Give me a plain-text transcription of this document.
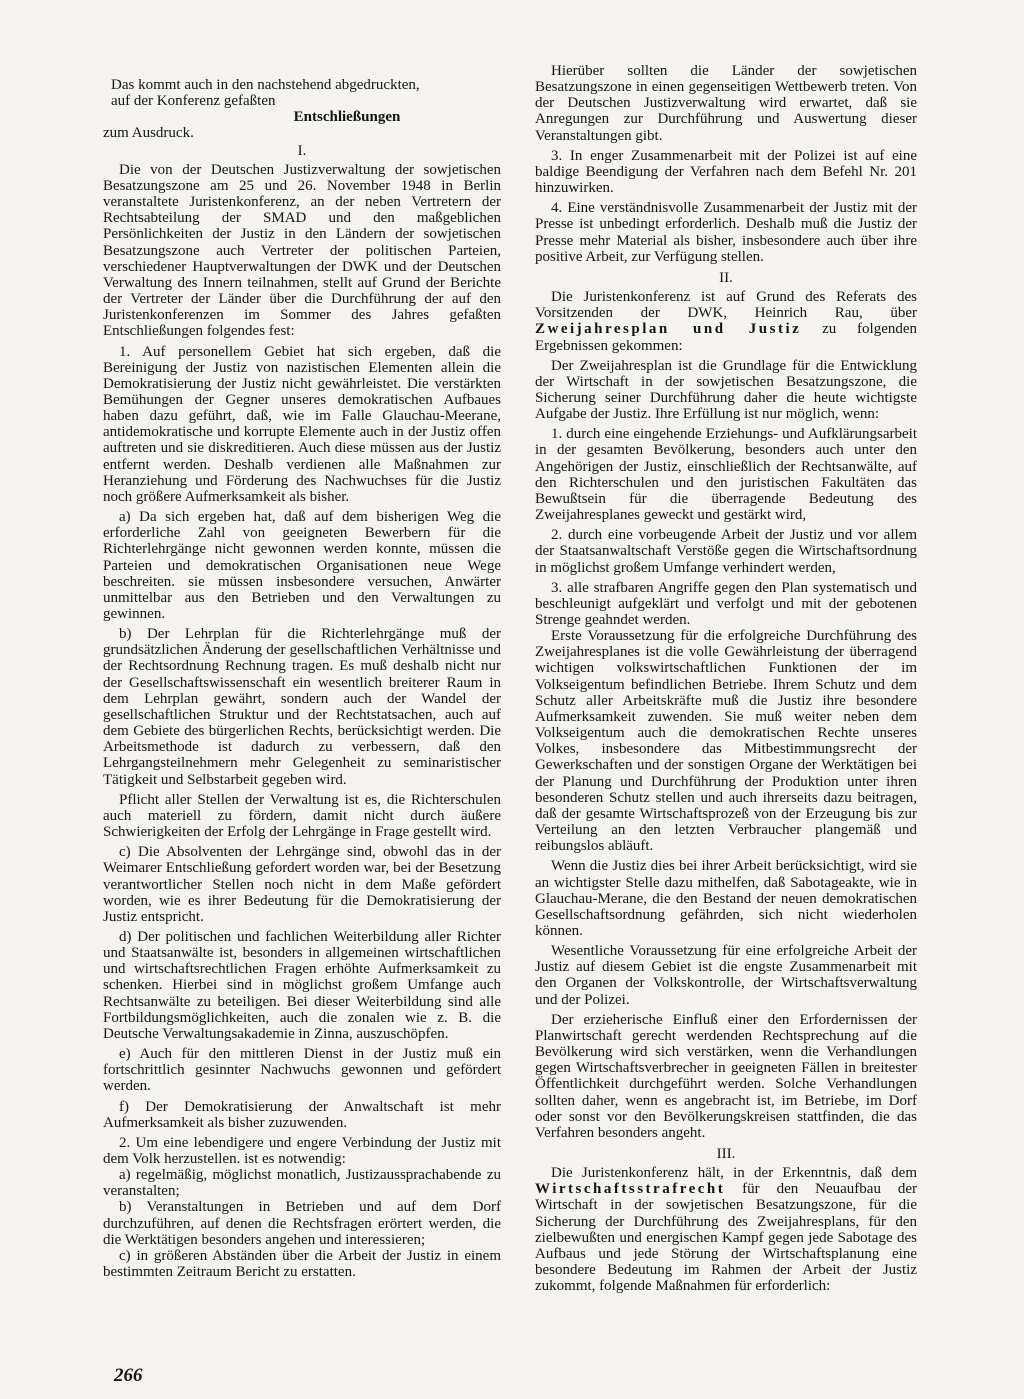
Das kommt auch in den nachstehend abgedruckten,

auf der Konferenz gefaßten

Entschließungen

zum Ausdruck.

I.

Die von der Deutschen Justizverwaltung der sowjetischen Besatzungszone am 25 und 26. November 1948 in Berlin veranstaltete Juristenkonferenz, an der neben Vertretern der Rechtsabteilung der SMAD und den maßgeblichen Persönlichkeiten der Justiz in den Ländern der sowjetischen Besatzungszone auch Vertreter der politischen Parteien, verschiedener Hauptverwaltungen der DWK und der Deutschen Verwaltung des Innern teilnahmen, stellt auf Grund der Berichte der Vertreter der Länder über die Durchführung der auf den Juristenkonferenzen im Sommer des Jahres gefaßten Entschließungen folgendes fest:

1. Auf personellem Gebiet hat sich ergeben, daß die Bereinigung der Justiz von nazistischen Elementen allein die Demokratisierung der Justiz nicht gewährleistet. Die verstärkten Bemühungen der Gegner unseres demokratischen Aufbaues haben dazu geführt, daß, wie im Falle Glauchau-Meerane, antidemokratische und korrupte Elemente auch in der Justiz offen auftreten und sie diskreditieren. Auch diese müssen aus der Justiz entfernt werden. Deshalb verdienen alle Maßnahmen zur Heranziehung und Förderung des Nachwuchses für die Justiz noch größere Aufmerksamkeit als bisher.

a) Da sich ergeben hat, daß auf dem bisherigen Weg die erforderliche Zahl von geeigneten Bewerbern für die Richterlehrgänge nicht gewonnen werden konnte, müssen die Parteien und demokratischen Organisationen neue Wege beschreiten. sie müssen insbesondere versuchen, Anwärter unmittelbar aus den Betrieben und den Verwaltungen zu gewinnen.

b) Der Lehrplan für die Richterlehrgänge muß der grundsätzlichen Änderung der gesellschaftlichen Verhältnisse und der Rechtsordnung Rechnung tragen. Es muß deshalb nicht nur der Gesellschaftswissenschaft ein wesentlich breiterer Raum in dem Lehrplan gewährt, sondern auch der Wandel der gesellschaftlichen Struktur und der Rechtstatsachen, auch auf dem Gebiete des bürgerlichen Rechts, berücksichtigt werden. Die Arbeitsmethode ist dadurch zu verbessern, daß den Lehrgangsteilnehmern mehr Gelegenheit zu seminaristischer Tätigkeit und Selbstarbeit gegeben wird.

Pflicht aller Stellen der Verwaltung ist es, die Richterschulen auch materiell zu fördern, damit nicht durch äußere Schwierigkeiten der Erfolg der Lehrgänge in Frage gestellt wird.

c) Die Absolventen der Lehrgänge sind, obwohl das in der Weimarer Entschließung gefordert worden war, bei der Besetzung verantwortlicher Stellen noch nicht in dem Maße gefördert worden, wie es ihrer Bedeutung für die Demokratisierung der Justiz entspricht.

d) Der politischen und fachlichen Weiterbildung aller Richter und Staatsanwälte ist, besonders in allgemeinen wirtschaftlichen und wirtschaftsrechtlichen Fragen erhöhte Aufmerksamkeit zu schenken. Hierbei sind in möglichst großem Umfange auch Rechtsanwälte zu beteiligen. Bei dieser Weiterbildung sind alle Fortbildungsmöglichkeiten, auch die zonalen wie z. B. die Deutsche Verwaltungsakademie in Zinna, auszuschöpfen.

e) Auch für den mittleren Dienst in der Justiz muß ein fortschrittlich gesinnter Nachwuchs gewonnen und gefördert werden.

f) Der Demokratisierung der Anwaltschaft ist mehr Aufmerksamkeit als bisher zuzuwenden.

2. Um eine lebendigere und engere Verbindung der Justiz mit dem Volk herzustellen. ist es notwendig:

a) regelmäßig, möglichst monatlich, Justizaussprachabende zu veranstalten;

b) Veranstaltungen in Betrieben und auf dem Dorf durchzuführen, auf denen die Rechtsfragen erörtert werden, die die Werktätigen besonders angehen und interessieren;

c) in größeren Abständen über die Arbeit der Justiz in einem bestimmten Zeitraum Bericht zu erstatten.

Hierüber sollten die Länder der sowjetischen Besatzungszone in einen gegenseitigen Wettbewerb treten. Von der Deutschen Justizverwaltung wird erwartet, daß sie Anregungen zur Durchführung und Auswertung dieser Veranstaltungen gibt.

3. In enger Zusammenarbeit mit der Polizei ist auf eine baldige Beendigung der Verfahren nach dem Befehl Nr. 201 hinzuwirken.

4. Eine verständnisvolle Zusammenarbeit der Justiz mit der Presse ist unbedingt erforderlich. Deshalb muß die Justiz der Presse mehr Material als bisher, insbesondere auch über ihre positive Arbeit, zur Verfügung stellen.

II.

Die Juristenkonferenz ist auf Grund des Referats des Vorsitzenden der DWK, Heinrich Rau, über Zweijahresplan und Justiz zu folgenden Ergebnissen gekommen:

Der Zweijahresplan ist die Grundlage für die Entwicklung der Wirtschaft in der sowjetischen Besatzungszone, die Sicherung seiner Durchführung daher die heute wichtigste Aufgabe der Justiz. Ihre Erfüllung ist nur möglich, wenn:

1. durch eine eingehende Erziehungs- und Aufklärungsarbeit in der gesamten Bevölkerung, besonders auch unter den Angehörigen der Justiz, einschließlich der Rechtsanwälte, auf den Richterschulen und den juristischen Fakultäten das Bewußtsein für die überragende Bedeutung des Zweijahresplanes geweckt und gestärkt wird,

2. durch eine vorbeugende Arbeit der Justiz und vor allem der Staatsanwaltschaft Verstöße gegen die Wirtschaftsordnung in möglichst großem Umfange verhindert werden,

3. alle strafbaren Angriffe gegen den Plan systematisch und beschleunigt aufgeklärt und verfolgt und mit der gebotenen Strenge geahndet werden.

Erste Voraussetzung für die erfolgreiche Durchführung des Zweijahresplanes ist die volle Gewährleistung der überragend wichtigen volkswirtschaftlichen Funktionen der im Volkseigentum befindlichen Betriebe. Ihrem Schutz und dem Schutz aller Arbeitskräfte muß die Justiz ihre besondere Aufmerksamkeit zuwenden. Sie muß weiter neben dem Volkseigentum auch die demokratischen Rechte unseres Volkes, insbesondere das Mitbestimmungsrecht der Gewerkschaften und der sonstigen Organe der Werktätigen bei der Planung und Durchführung der Produktion unter ihren besonderen Schutz stellen und auch ihrerseits dazu beitragen, daß der gesamte Wirtschaftsprozeß von der Erzeugung bis zur Verteilung an den letzten Verbraucher plangemäß und reibungslos abläuft.

Wenn die Justiz dies bei ihrer Arbeit berücksichtigt, wird sie an wichtigster Stelle dazu mithelfen, daß Sabotageakte, wie in Glauchau-Merane, die den Bestand der neuen demokratischen Gesellschaftsordnung gefährden, sich nicht wiederholen können.

Wesentliche Voraussetzung für eine erfolgreiche Arbeit der Justiz auf diesem Gebiet ist die engste Zusammenarbeit mit den Organen der Volkskontrolle, der Wirtschaftsverwaltung und der Polizei.

Der erzieherische Einfluß einer den Erfordernissen der Planwirtschaft gerecht werdenden Rechtsprechung auf die Bevölkerung wird sich verstärken, wenn die Verhandlungen gegen Wirtschaftsverbrecher in geeigneten Fällen in breitester Öffentlichkeit durchgeführt werden. Solche Verhandlungen sollten daher, wenn es angebracht ist, im Betriebe, im Dorf oder sonst vor den Bevölkerungskreisen stattfinden, die das Verfahren besonders angeht.

III.

Die Juristenkonferenz hält, in der Erkenntnis, daß dem Wirtschaftsstrafrecht für den Neuaufbau der Wirtschaft in der sowjetischen Besatzungszone, für die Sicherung der Durchführung des Zweijahresplans, für den zielbewußten und energischen Kampf gegen jede Sabotage des Aufbaus und jede Störung der Wirtschaftsplanung eine besondere Bedeutung im Rahmen der Arbeit der Justiz zukommt, folgende Maßnahmen für erforderlich:

266
